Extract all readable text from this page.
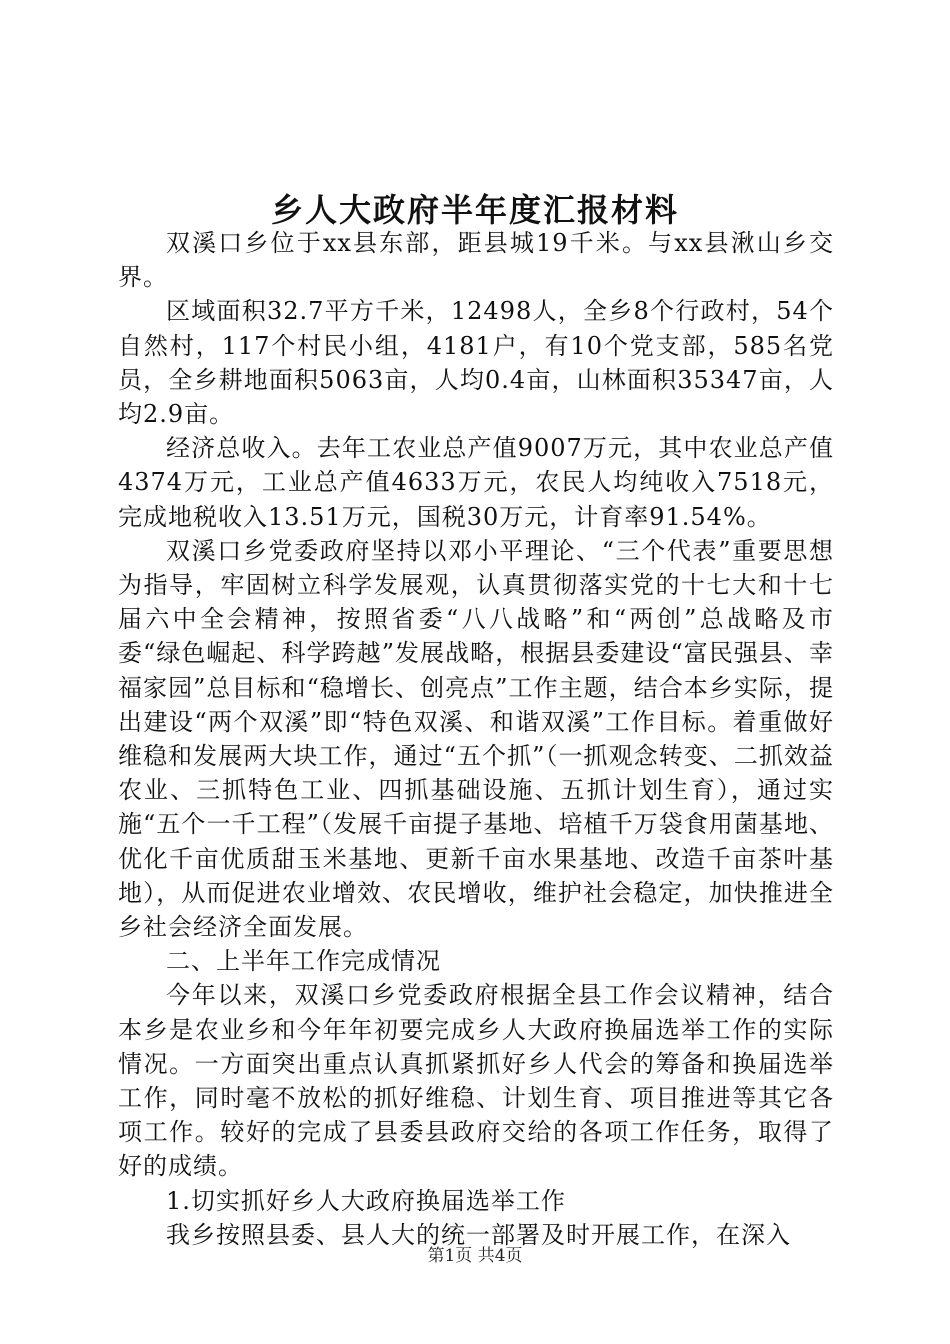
乡人大政府半年度汇报材料

双溪口乡位于xx县东部，距县城19千米。与xx县湫山乡交界。

区域面积32.7平方千米，12498人，全乡8个行政村，54个自然村，117个村民小组，4181户，有10个党支部，585名党员，全乡耕地面积5063亩，人均0.4亩，山林面积35347亩，人均2.9亩。

经济总收入。去年工农业总产值9007万元，其中农业总产值4374万元，工业总产值4633万元，农民人均纯收入7518元，完成地税收入13.51万元，国税30万元，计育率91.54%。

双溪口乡党委政府坚持以邓小平理论、“三个代表”重要思想为指导，牢固树立科学发展观，认真贯彻落实党的十七大和十七届六中全会精神，按照省委“八八战略”和“两创”总战略及市委“绿色崛起、科学跨越”发展战略，根据县委建设“富民强县、幸福家园”总目标和“稳增长、创亮点”工作主题，结合本乡实际，提出建设“两个双溪”即“特色双溪、和谐双溪”工作目标。着重做好维稳和发展两大块工作，通过“五个抓”（一抓观念转变、二抓效益农业、三抓特色工业、四抓基础设施、五抓计划生育），通过实施“五个一千工程”（发展千亩提子基地、培植千万袋食用菌基地、优化千亩优质甜玉米基地、更新千亩水果基地、改造千亩茶叶基地），从而促进农业增效、农民增收，维护社会稳定，加快推进全乡社会经济全面发展。

二、上半年工作完成情况

今年以来，双溪口乡党委政府根据全县工作会议精神，结合本乡是农业乡和今年年初要完成乡人大政府换届选举工作的实际情况。一方面突出重点认真抓紧抓好乡人代会的筹备和换届选举工作，同时毫不放松的抓好维稳、计划生育、项目推进等其它各项工作。较好的完成了县委县政府交给的各项工作任务，取得了好的成绩。

1.切实抓好乡人大政府换届选举工作

我乡按照县委、县人大的统一部署及时开展工作，在深入

第1页 共4页
